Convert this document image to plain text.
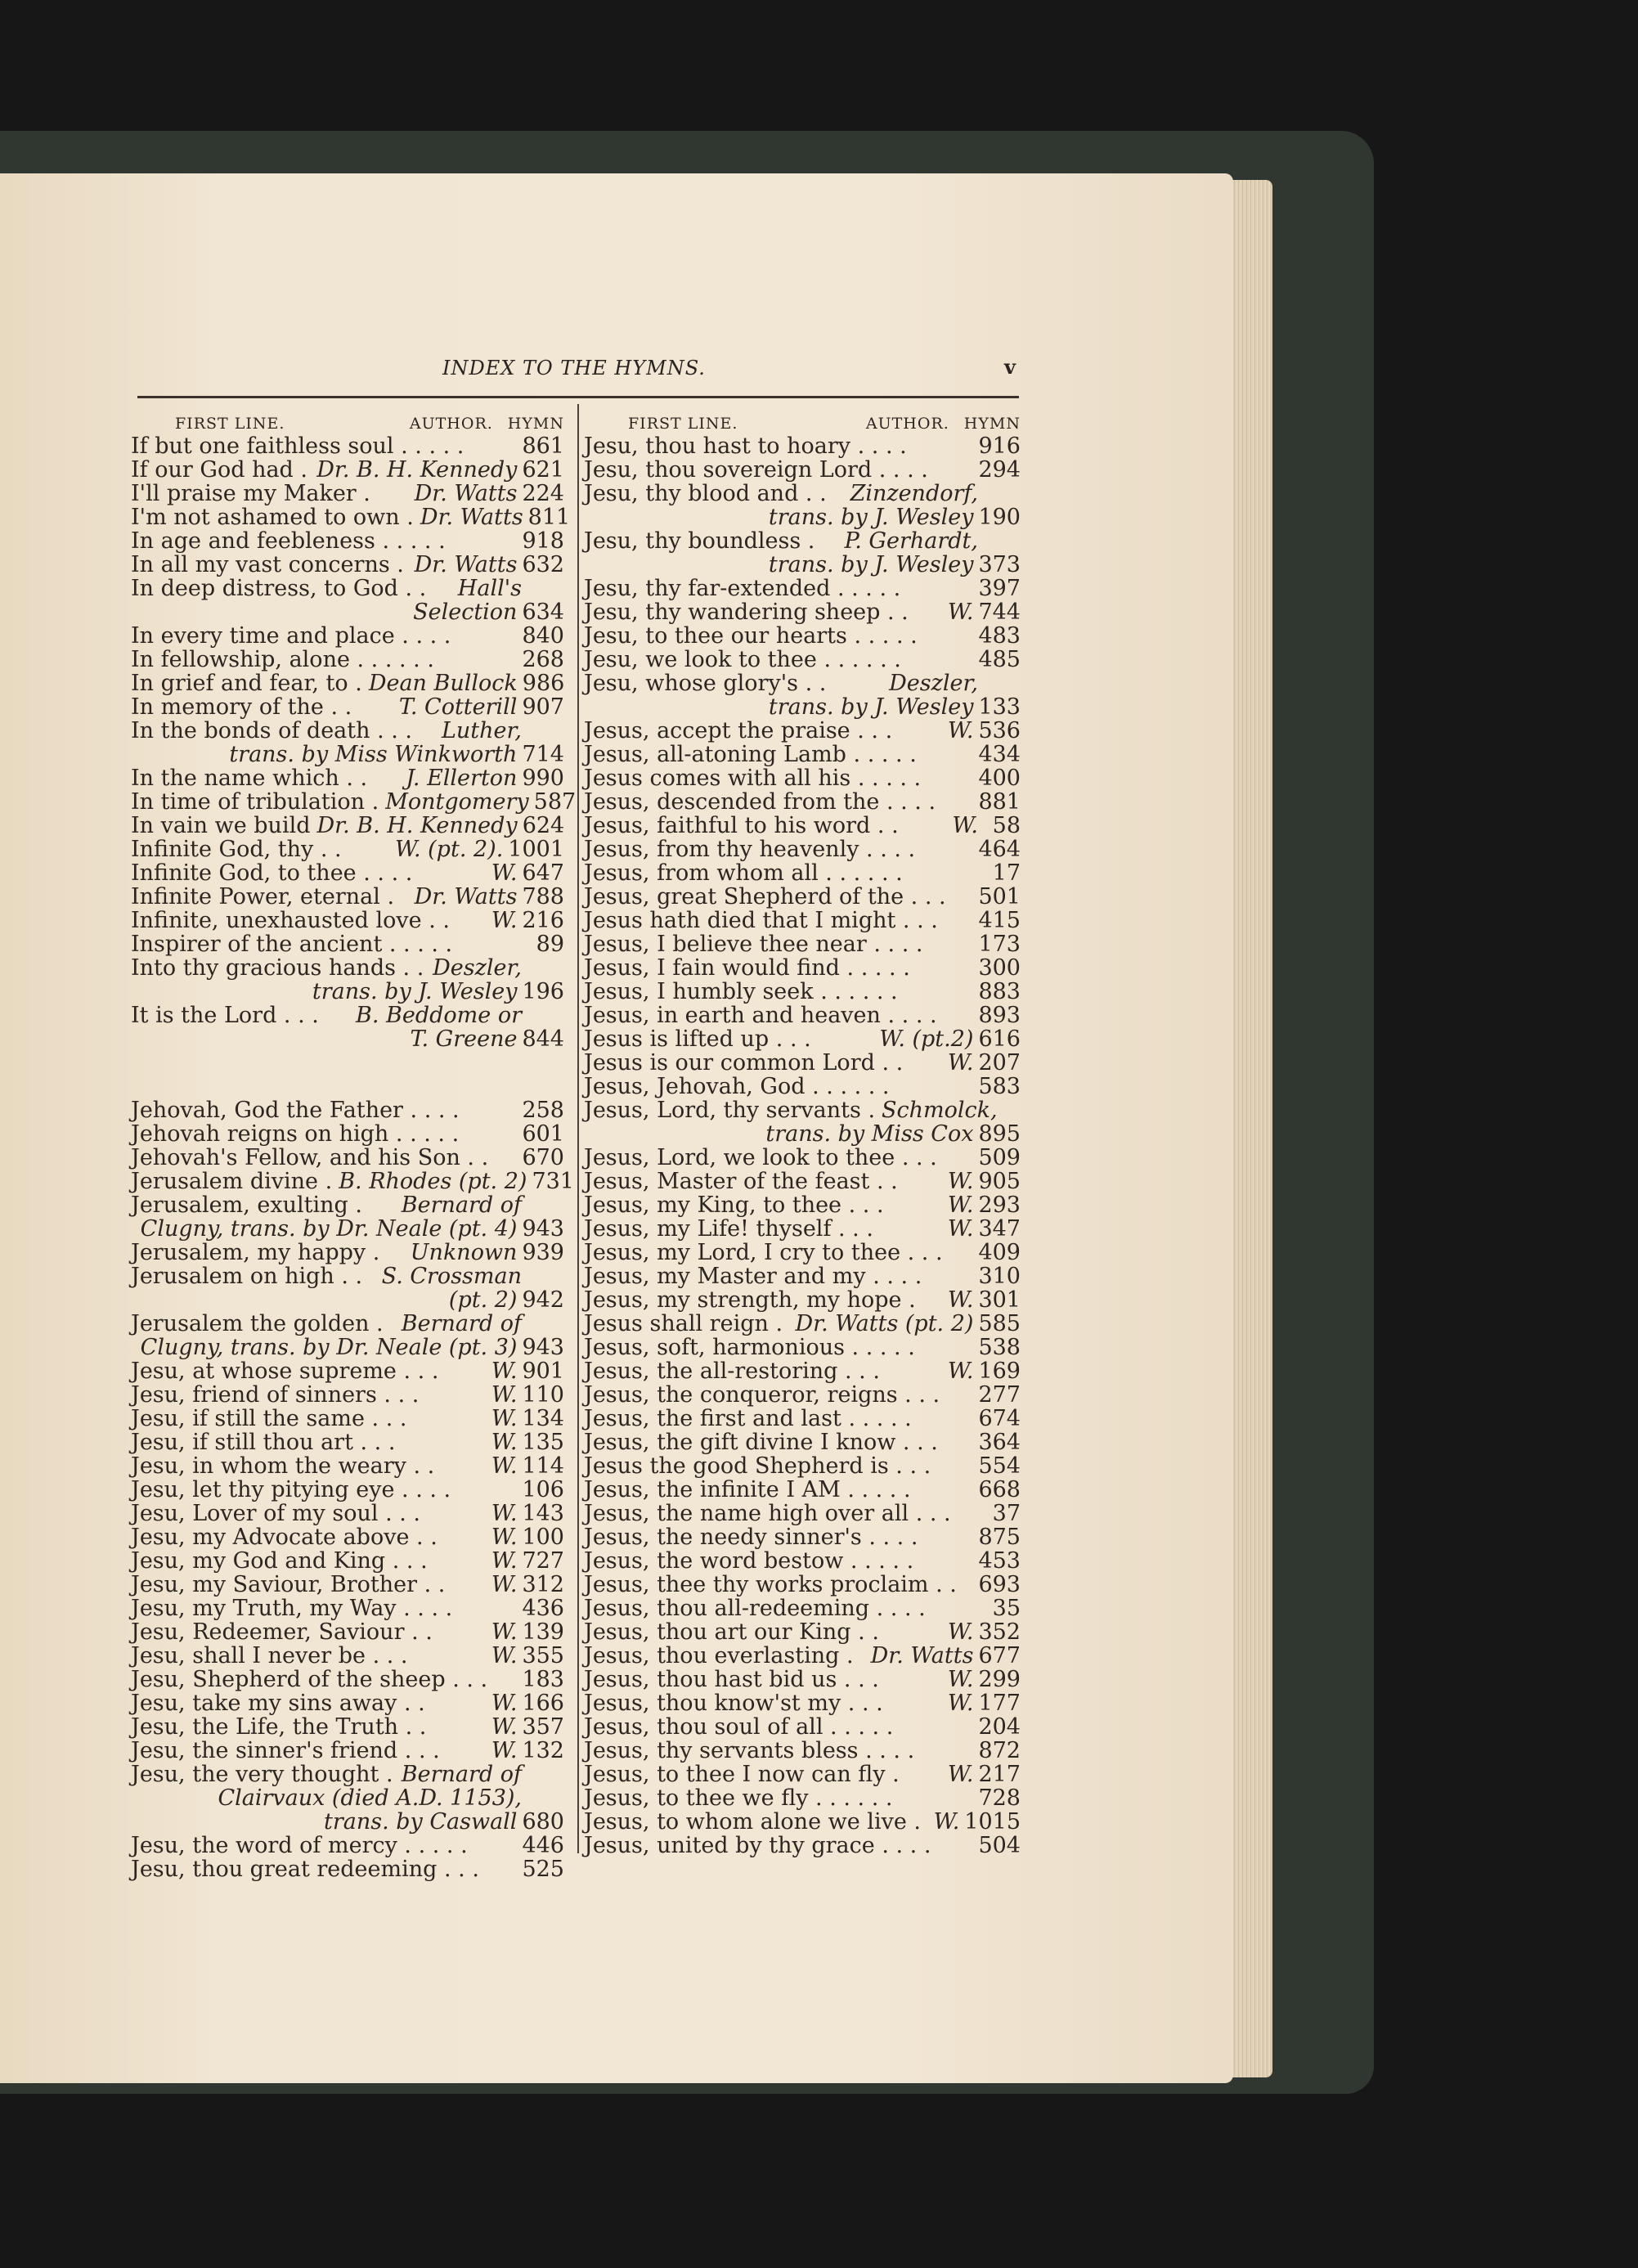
INDEX TO THE HYMNS.	v
FIRST LINE.	AUTHOR. HYMN
If but one faithless soul . . . . .	861
If our God had . Dr. B. H. Kennedy 621
I'll praise my Maker . Dr. Watts 224
I'm not ashamed to own . Dr. Watts 811
In age and feebleness . . . . .	918
In all my vast concerns . Dr. Watts 632
In deep distress, to God . . Hall's
Selection 634
In every time and place . . . .	840
In fellowship, alone . . . . . .	268
In grief and fear, to . Dean Bullock 986
In memory of the . . T. Cotterill 907
In the bonds of death . . . Luther,
trans. by Miss Winkworth 714
In the name which . . J. Ellerton 990
In time of tribulation . Montgomery 587
In vain we build Dr. B. H. Kennedy 624
Infinite God, thy . . W. (pt. 2). 1001
Infinite God, to thee . . . .	W. 647
Infinite Power, eternal . Dr. Watts 788
Infinite, unexhausted love . . W. 216
Inspirer of the ancient . . . . .	89
Into thy gracious hands . . Deszler,
trans. by J. Wesley 196
It is the Lord . . . B. Beddome or
T. Greene 844
Jehovah, God the Father . . . .	258
Jehovah reigns on high . . . . .	601
Jehovah's Fellow, and his Son . . 670
Jerusalem divine . B. Rhodes (pt. 2) 731
Jerusalem, exulting . Bernard of
Clugny, trans. by Dr. Neale (pt. 4) 943
Jerusalem, my happy . Unknown 939
Jerusalem on high . . S. Crossman
(pt. 2) 942
Jerusalem the golden . Bernard of
Clugny, trans. by Dr. Neale (pt. 3) 943
Jesu, at whose supreme . . . W. 901
Jesu, friend of sinners . . .	W. 110
Jesu, if still the same . . .	W. 134
Jesu, if still thou art . . .	W. 135
Jesu, in whom the weary . .	W. 114
Jesu, let thy pitying eye . . . .	106
Jesu, Lover of my soul . . .	W. 143
Jesu, my Advocate above . . W. 100
Jesu, my God and King . . .	W. 727
Jesu, my Saviour, Brother . . W. 312
Jesu, my Truth, my Way . . . .	436
Jesu, Redeemer, Saviour . .	W. 139
Jesu, shall I never be . . .	W. 355
Jesu, Shepherd of the sheep . . . 183
Jesu, take my sins away . .	W. 166
Jesu, the Life, the Truth . .	W. 357
Jesu, the sinner's friend . . . W. 132
Jesu, the very thought . Bernard of
Clairvaux (died A.D. 1153),
trans. by Caswall 680
Jesu, the word of mercy . . . . . 446
Jesu, thou great redeeming . . . 525
FIRST LINE.	AUTHOR. HYMN
Jesu, thou hast to hoary . . . .	916
Jesu, thou sovereign Lord . . . . 294
Jesu, thy blood and . . Zinzendorf,
trans. by J. Wesley 190
Jesu, thy boundless . P. Gerhardt,
trans. by J. Wesley 373
Jesu, thy far-extended . . . . .	397
Jesu, thy wandering sheep . . W. 744
Jesu, to thee our hearts . . . . .	483
Jesu, we look to thee . . . . . .	485
Jesu, whose glory's . .	Deszler,
trans. by J. Wesley 133
Jesus, accept the praise . . .	W. 536
Jesus, all-atoning Lamb . . . . .	434
Jesus comes with all his . . . . .	400
Jesus, descended from the . . . . 881
Jesus, faithful to his word . . W. 58
Jesus, from thy heavenly . . . .	464
Jesus, from whom all . . . . . .	17
Jesus, great Shepherd of the . . . 501
Jesus hath died that I might . . . 415
Jesus, I believe thee near . . . .	173
Jesus, I fain would find . . . . .	300
Jesus, I humbly seek . . . . . .	883
Jesus, in earth and heaven . . . . 893
Jesus is lifted up . . .	W. (pt.2) 616
Jesus is our common Lord . . W. 207
Jesus, Jehovah, God . . . . . .	583
Jesus, Lord, thy servants . Schmolck,
trans. by Miss Cox 895
Jesus, Lord, we look to thee . . . 509
Jesus, Master of the feast . . W. 905
Jesus, my King, to thee . . .	W. 293
Jesus, my Life! thyself . . .	W. 347
Jesus, my Lord, I cry to thee . . . 409
Jesus, my Master and my . . . .	310
Jesus, my strength, my hope . W. 301
Jesus shall reign . Dr. Watts (pt. 2) 585
Jesus, soft, harmonious . . . . .	538
Jesus, the all-restoring . . .	W. 169
Jesus, the conqueror, reigns . . . 277
Jesus, the first and last . . . . .	674
Jesus, the gift divine I know . . . 364
Jesus the good Shepherd is . . . 554
Jesus, the infinite I AM . . . . .	668
Jesus, the name high over all . . .	37
Jesus, the needy sinner's . . . .	875
Jesus, the word bestow . . . . .	453
Jesus, thee thy works proclaim . . 693
Jesus, thou all-redeeming . . . .	35
Jesus, thou art our King . .	W. 352
Jesus, thou everlasting . Dr. Watts 677
Jesus, thou hast bid us . . .	W. 299
Jesus, thou know'st my . . .	W. 177
Jesus, thou soul of all . . . . .	204
Jesus, thy servants bless . . . .	872
Jesus, to thee I now can fly . W. 217
Jesus, to thee we fly . . . . . .	728
Jesus, to whom alone we live . W. 1015
Jesus, united by thy grace . . . . 504
